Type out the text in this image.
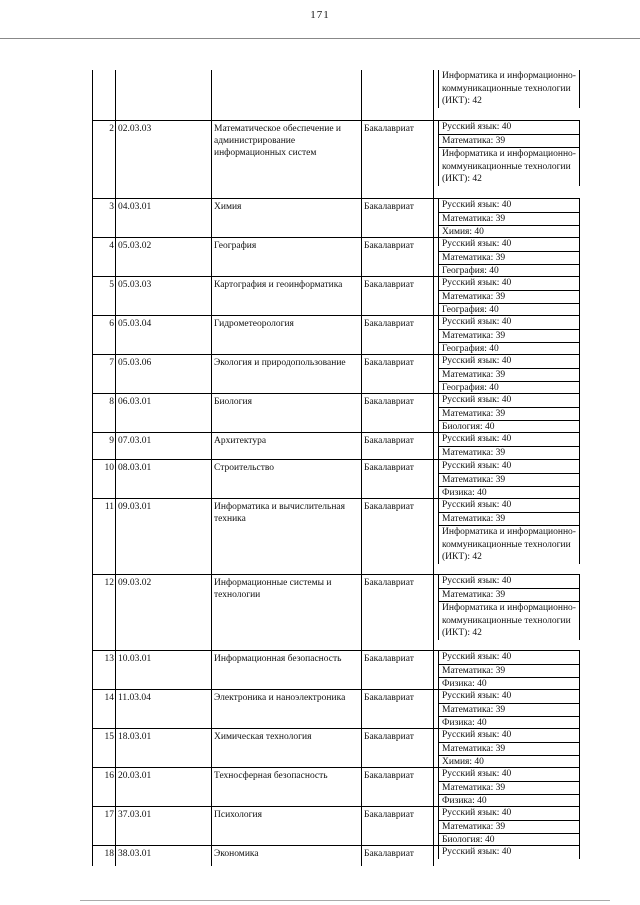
171
Информатика и информационно-коммуникационные технологии (ИКТ): 42
2 02.03.03	Математическое обеспечение и администрирование информационных систем
Бакалавриат	Русский язык: 40
Математика: 39
Информатика и информационно-коммуникационные технологии (ИКТ): 42
3 04.03.01	Химия	Бакалавриат	Русский язык: 40
Математика: 39
Химия: 40
4 05.03.02	География	Бакалавриат	Русский язык: 40
Математика: 39
География: 40
5 05.03.03	Картография и геоинформатика	Бакалавриат	Русский язык: 40
Математика: 39
География: 40
6 05.03.04	Гидрометеорология	Бакалавриат	Русский язык: 40
Математика: 39
География: 40
7 05.03.06	Экология и природопользование	Бакалавриат	Русский язык: 40
Математика: 39
География: 40
8 06.03.01	Биология	Бакалавриат	Русский язык: 40
Математика: 39
Биология: 40
9 07.03.01	Архитектура	Бакалавриат	Русский язык: 40
Математика: 39
10 08.03.01	Строительство	Бакалавриат	Русский язык: 40
Математика: 39
Физика: 40
11 09.03.01	Информатика и вычислительная техника
Бакалавриат	Русский язык: 40
Математика: 39
Информатика и информационно-коммуникационные технологии (ИКТ): 42
12 09.03.02	Информационные системы и технологии
Бакалавриат	Русский язык: 40
Математика: 39
Информатика и информационно-коммуникационные технологии (ИКТ): 42
13 10.03.01	Информационная безопасность	Бакалавриат	Русский язык: 40
Математика: 39
Физика: 40
14 11.03.04	Электроника и наноэлектроника	Бакалавриат	Русский язык: 40
Математика: 39
Физика: 40
15 18.03.01	Химическая технология	Бакалавриат	Русский язык: 40
Математика: 39
Химия: 40
16 20.03.01	Техносферная безопасность	Бакалавриат	Русский язык: 40
Математика: 39
Физика: 40
17 37.03.01	Психология	Бакалавриат	Русский язык: 40
Математика: 39
Биология: 40
18 38.03.01	Экономика	Бакалавриат	Русский язык: 40
